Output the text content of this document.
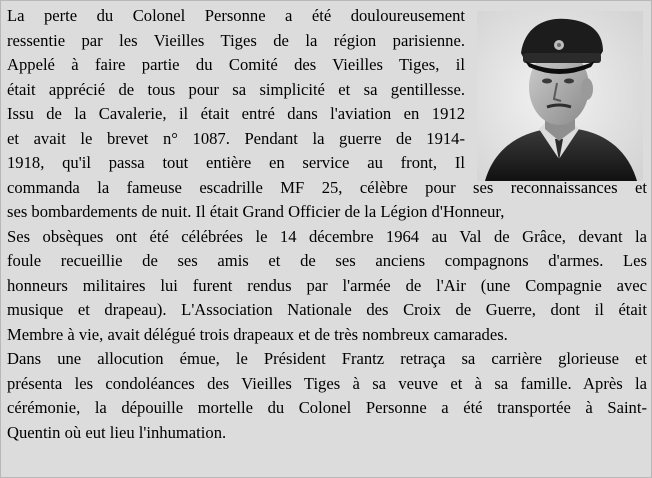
La perte du Colonel Personne a été douloureusement
ressentie par les Vieilles Tiges de la région parisienne.
Appelé à faire partie du Comité des Vieilles Tiges, il
était apprécié de tous pour sa simplicité et sa gentillesse.
Issu de la Cavalerie, il était entré dans l'aviation en 1912
et avait le brevet n° 1087. Pendant la guerre de 1914-
1918, qu'il passa tout entière en service au front, Il
commanda la fameuse escadrille MF 25, célèbre pour ses reconnaissances et
ses bombardements de nuit. Il était Grand Officier de la Légion d'Honneur,
Ses obsèques ont été célébrées le 14 décembre 1964 au Val de Grâce, devant la
foule recueillie de ses amis et de ses anciens compagnons d'armes. Les
honneurs militaires lui furent rendus par l'armée de l'Air (une Compagnie avec
musique et drapeau). L'Association Nationale des Croix de Guerre, dont il était
Membre à vie, avait délégué trois drapeaux et de très nombreux camarades.
Dans une allocution émue, le Président Frantz retraça sa carrière glorieuse et
présenta les condoléances des Vieilles Tiges à sa veuve et à sa famille. Après la
cérémonie, la dépouille mortelle du Colonel Personne a été transportée à Saint-
Quentin où eut lieu l'inhumation.
